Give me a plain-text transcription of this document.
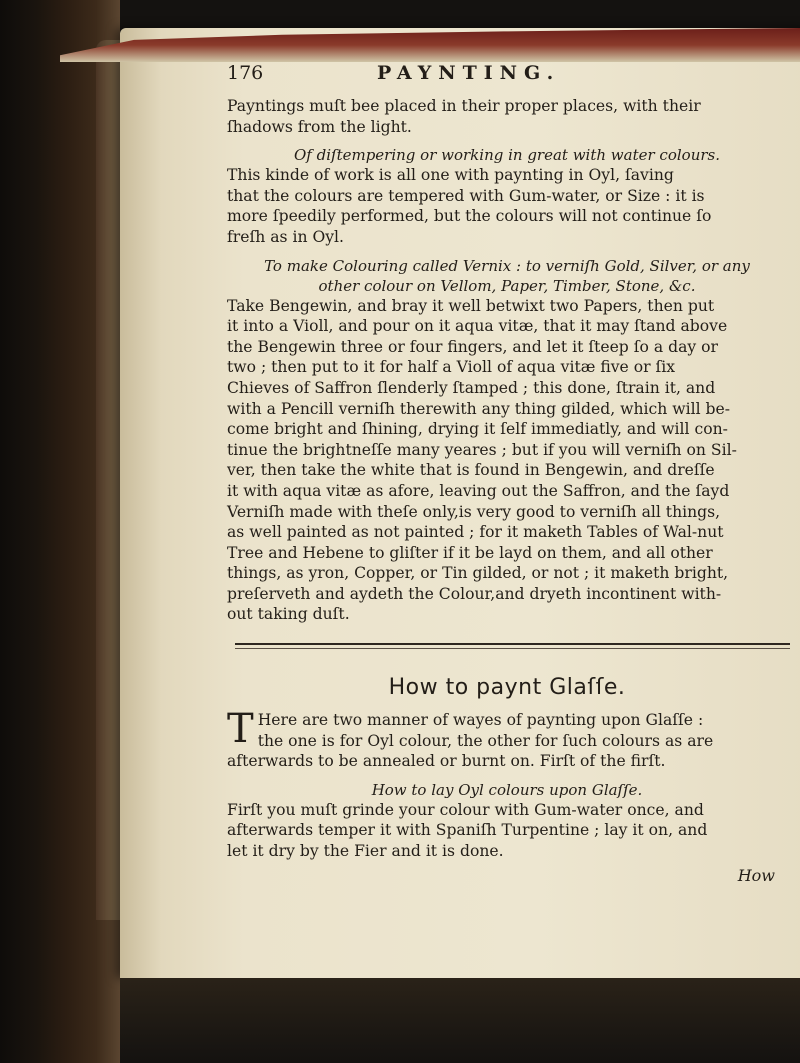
176	PAYNTING.

Payntings muſt bee placed in their proper places, with their
ſhadows from the light.

Of diſtempering or working in great with water colours.

This kinde of work is all one with paynting in Oyl, ſaving
that the colours are tempered with Gum-water, or Size : it is
more ſpeedily performed, but the colours will not continue ſo
freſh as in Oyl.

To make Colouring called Vernix : to verniſh Gold, Silver, or any
other colour on Vellom, Paper, Timber, Stone, &c.

Take Bengewin, and bray it well betwixt two Papers, then put
it into a Violl, and pour on it aqua vitæ, that it may ſtand above
the Bengewin three or four fingers, and let it ſteep ſo a day or
two ; then put to it for half a Violl of aqua vitæ five or ſix
Chieves of Saffron ſlenderly ſtamped ; this done, ſtrain it, and
with a Pencill verniſh therewith any thing gilded, which will be-
come bright and ſhining, drying it ſelf immediatly, and will con-
tinue the brightneſſe many yeares ; but if you will verniſh on Sil-
ver, then take the white that is found in Bengewin, and dreſſe
it with aqua vitæ as afore, leaving out the Saffron, and the ſayd
Verniſh made with theſe only,is very good to verniſh all things,
as well painted as not painted ; for it maketh Tables of Wal-nut
Tree and Hebene to gliſter if it be layd on them, and all other
things, as yron, Copper, or Tin gilded, or not ; it maketh bright,
preſerveth and aydeth the Colour,and dryeth incontinent with-
out taking duſt.

How to paynt Glaſſe.

T Here are two manner of wayes of paynting upon Glaſſe :
the one is for Oyl colour, the other for ſuch colours as are
afterwards to be annealed or burnt on. Firſt of the firſt.

How to lay Oyl colours upon Glaſſe.

Firſt you muſt grinde your colour with Gum-water once, and
afterwards temper it with Spaniſh Turpentine ; lay it on, and
let it dry by the Fier and it is done.

How
